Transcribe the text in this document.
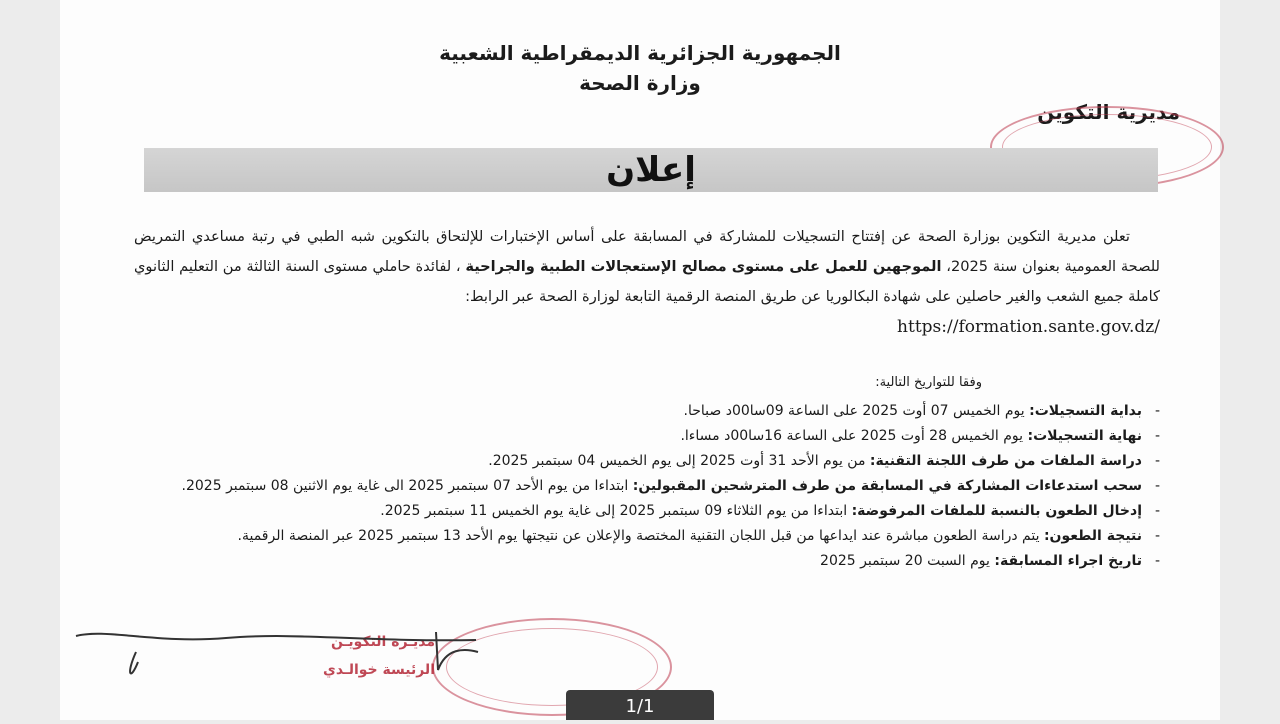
الجمهورية الجزائرية الديمقراطية الشعبية
وزارة الصحة
مديرية التكوين
إعلان

تعلن مديرية التكوين بوزارة الصحة عن إفتتاح التسجيلات للمشاركة في المسابقة على أساس الإختبارات للإلتحاق بالتكوين شبه الطبي في رتبة مساعدي التمريض للصحة العمومية بعنوان سنة 2025، الموجهين للعمل على مستوى مصالح الإستعجالات الطبية والجراحية ، لفائدة حاملي مستوى السنة الثالثة من التعليم الثانوي كاملة جميع الشعب والغير حاصلين على شهادة البكالوريا عن طريق المنصة الرقمية التابعة لوزارة الصحة عبر الرابط:

https://formation.sante.gov.dz/
وفقا للتواريخ التالية:
- بداية التسجيلات: يوم الخميس 07 أوت 2025 على الساعة 09سا00د صباحا.
- نهاية التسجيلات: يوم الخميس 28 أوت 2025 على الساعة 16سا00د مساءا.
- دراسة الملفات من طرف اللجنة التقنية: من يوم الأحد 31 أوت 2025 إلى يوم الخميس 04 سبتمبر 2025.
- سحب استدعاءات المشاركة في المسابقة من طرف المترشحين المقبولين: ابتداءا من يوم الأحد 07 سبتمبر 2025 الى غاية يوم الاثنين 08 سبتمبر 2025.
- إدخال الطعون بالنسبة للملفات المرفوضة: ابتداءا من يوم الثلاثاء 09 سبتمبر 2025 إلى غاية يوم الخميس 11 سبتمبر 2025.
- نتيجة الطعون: يتم دراسة الطعون مباشرة عند ايداعها من قبل اللجان التقنية المختصة والإعلان عن نتيجتها يوم الأحد 13 سبتمبر 2025 عبر المنصة الرقمية.
- تاريخ اجراء المسابقة: يوم السبت 20 سبتمبر 2025
مديـرة التكويـن
الرئيسة خوالـدي
1/1
